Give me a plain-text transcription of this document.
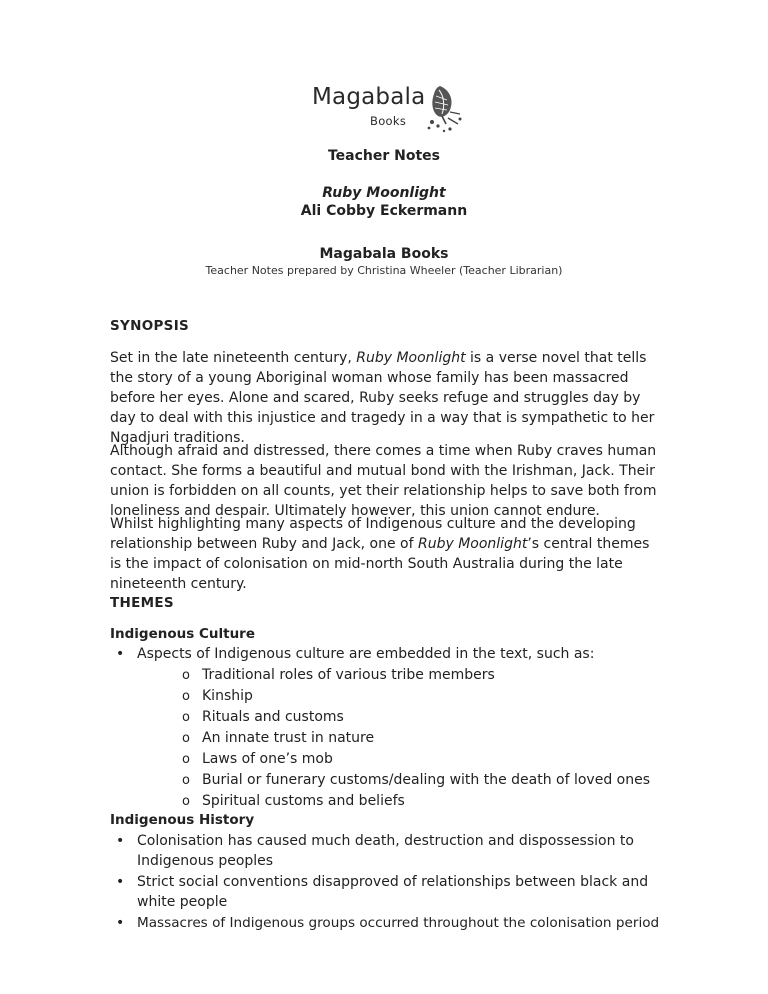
Magabala
Books
Teacher Notes
Ruby Moonlight
Ali Cobby Eckermann
Magabala Books
Teacher Notes prepared by Christina Wheeler (Teacher Librarian)
SYNOPSIS
Set in the late nineteenth century, Ruby Moonlight is a verse novel that tells the story of a young Aboriginal woman whose family has been massacred before her eyes. Alone and scared, Ruby seeks refuge and struggles day by day to deal with this injustice and tragedy in a way that is sympathetic to her Ngadjuri traditions.
Although afraid and distressed, there comes a time when Ruby craves human contact. She forms a beautiful and mutual bond with the Irishman, Jack. Their union is forbidden on all counts, yet their relationship helps to save both from loneliness and despair. Ultimately however, this union cannot endure.
Whilst highlighting many aspects of Indigenous culture and the developing relationship between Ruby and Jack, one of Ruby Moonlight’s central themes is the impact of colonisation on mid-north South Australia during the late nineteenth century.
THEMES
Indigenous Culture
• Aspects of Indigenous culture are embedded in the text, such as:
o Traditional roles of various tribe members
o Kinship
o Rituals and customs
o An innate trust in nature
o Laws of one’s mob
o Burial or funerary customs/dealing with the death of loved ones
o Spiritual customs and beliefs
Indigenous History
• Colonisation has caused much death, destruction and dispossession to Indigenous peoples
• Strict social conventions disapproved of relationships between black and white people
• Massacres of Indigenous groups occurred throughout the colonisation period
